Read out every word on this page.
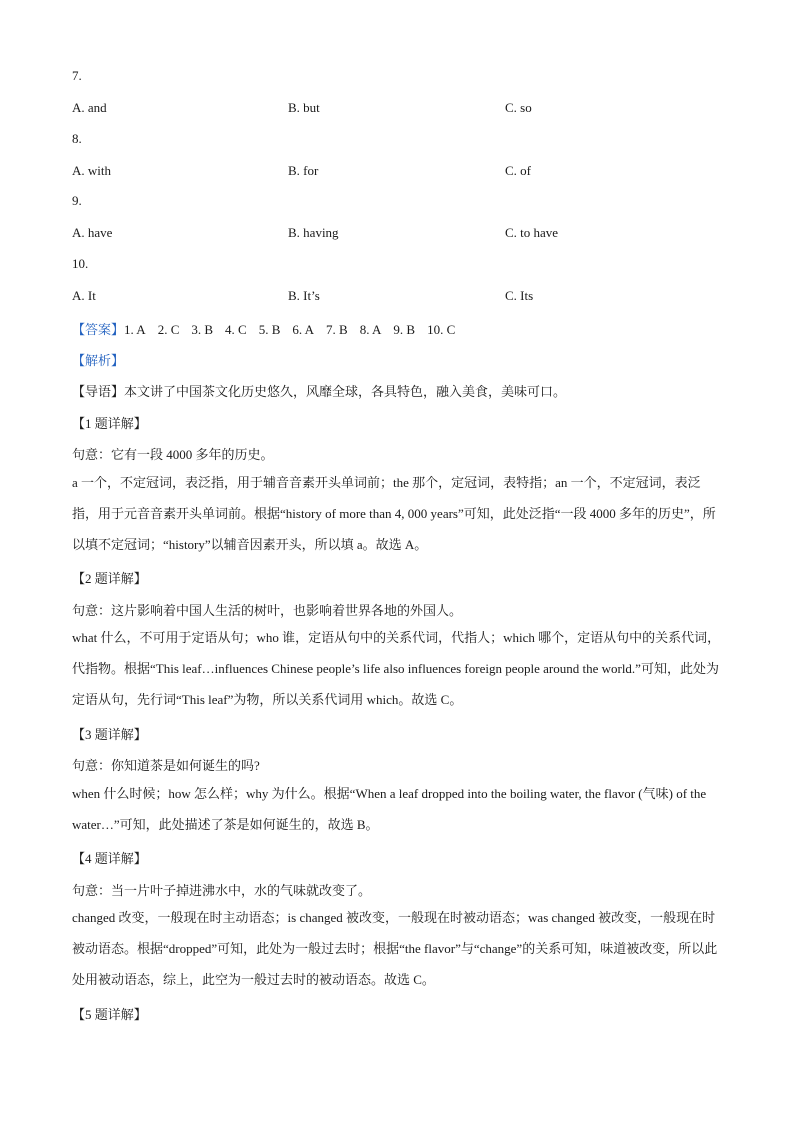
7.
A. and	B. but	C. so
8.
A. with	B. for	C. of
9.
A. have	B. having	C. to have
10.
A. It	B. It’s	C. Its
【答案】1. A 2. C 3. B 4. C 5. B 6. A 7. B 8. A 9. B 10. C
【解析】
【导语】本文讲了中国茶文化历史悠久，风靡全球，各具特色，融入美食，美味可口。
【1 题详解】
句意：它有一段 4000 多年的历史。
a 一个，不定冠词，表泛指，用于辅音音素开头单词前；the 那个，定冠词，表特指；an 一个，不定冠词，表泛指，用于元音音素开头单词前。根据“history of more than 4, 000 years”可知，此处泛指“一段 4000 多年的历史”，所以填不定冠词；“history”以辅音因素开头，所以填 a。故选 A。
【2 题详解】
句意：这片影响着中国人生活的树叶，也影响着世界各地的外国人。
what 什么，不可用于定语从句；who 谁，定语从句中的关系代词，代指人；which 哪个，定语从句中的关系代词，代指物。根据“This leaf…influences Chinese people’s life also influences foreign people around the world.”可知，此处为定语从句，先行词“This leaf”为物，所以关系代词用 which。故选 C。
【3 题详解】
句意：你知道茶是如何诞生的吗?
when 什么时候；how 怎么样；why 为什么。根据“When a leaf dropped into the boiling water, the flavor (气味) of the water…”可知，此处描述了茶是如何诞生的，故选 B。
【4 题详解】
句意：当一片叶子掉进沸水中，水的气味就改变了。
changed 改变，一般现在时主动语态；is changed 被改变，一般现在时被动语态；was changed 被改变，一般现在时被动语态。根据“dropped”可知，此处为一般过去时；根据“the flavor”与“change”的关系可知，味道被改变，所以此处用被动语态，综上，此空为一般过去时的被动语态。故选 C。
【5 题详解】
